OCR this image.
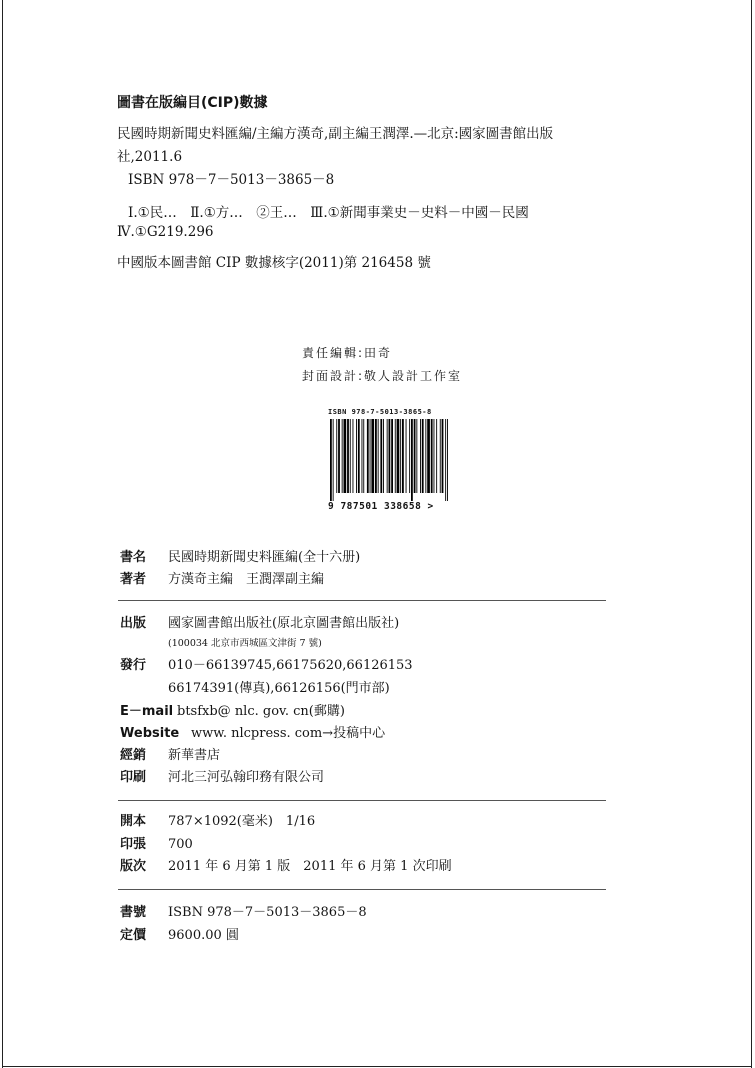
圖書在版編目(CIP)數據
民國時期新聞史料匯編/主編方漢奇,副主編王潤澤.—北京:國家圖書館出版
社,2011.6
ISBN 978－7－5013－3865－8
Ⅰ.①民…　Ⅱ.①方…　②王…　Ⅲ.①新聞事業史－史料－中國－民國
Ⅳ.①G219.296
中國版本圖書館 CIP 數據核字(2011)第 216458 號
責任編輯:田奇
封面設計:敬人設計工作室
ISBN 978-7-5013-3865-8
9 787501 338658 >
書名 民國時期新聞史料匯編(全十六册)
著者 方漢奇主編　王潤澤副主編
出版 國家圖書館出版社(原北京圖書館出版社)
(100034 北京市西城區文津街 7 號)
發行 010－66139745,66175620,66126153
66174391(傳真),66126156(門市部)
E－mail btsfxb@ nlc. gov. cn(郵購)
Website www. nlcpress. com→投稿中心
經銷 新華書店
印刷 河北三河弘翰印務有限公司
開本 787×1092(毫米)　1/16
印張 700
版次 2011 年 6 月第 1 版　2011 年 6 月第 1 次印刷
書號 ISBN 978－7－5013－3865－8
定價 9600.00 圓
